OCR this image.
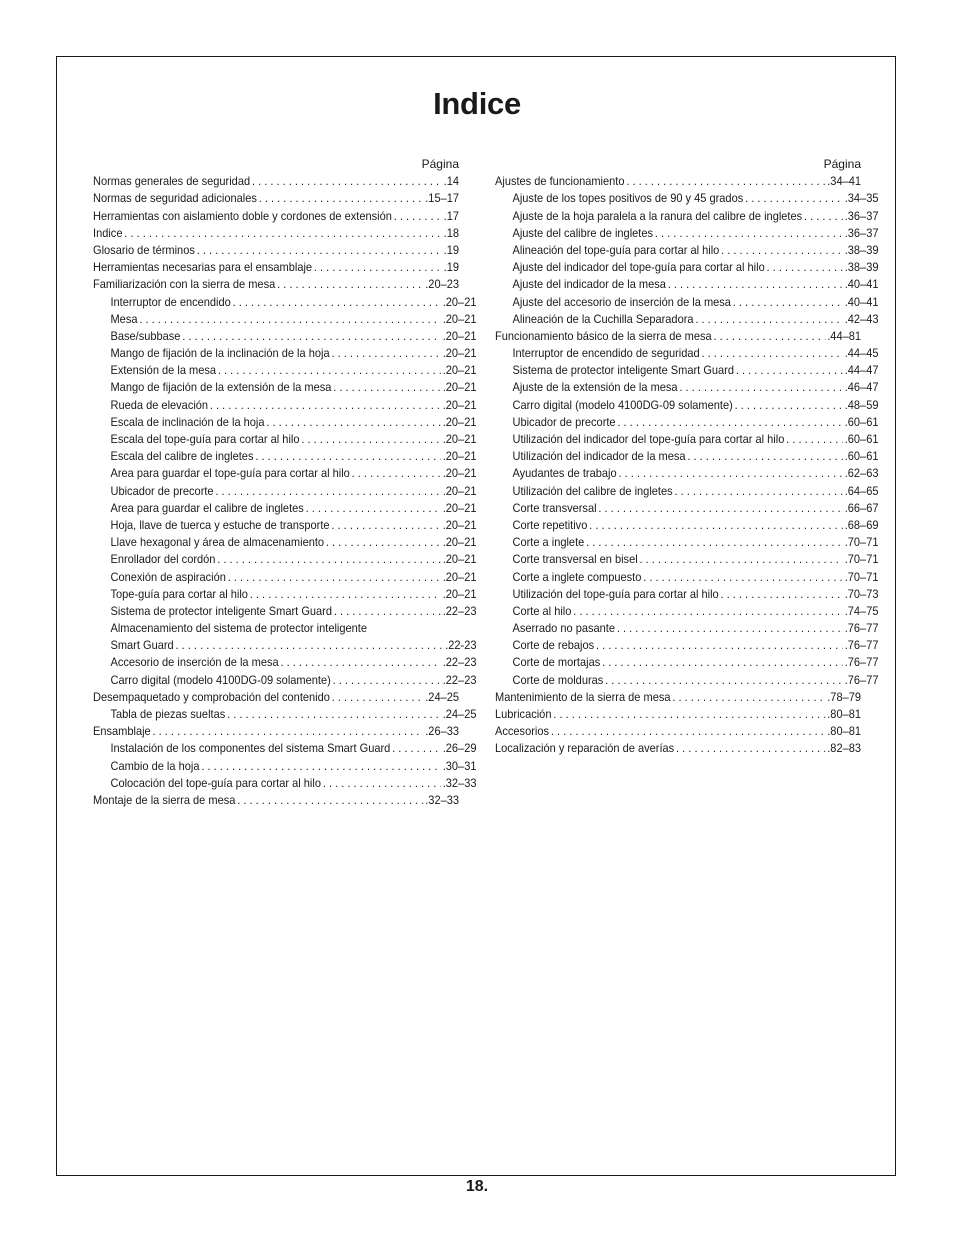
Indice
Página
Normas generales de seguridad . . .	.14
Normas de seguridad adicionales . . .	.15–17
Herramientas con aislamiento doble y cordones de extensión . . .	.17
Indice . . .	.18
Glosario de términos . . .	.19
Herramientas necesarias para el ensamblaje . . .	.19
Familiarización con la sierra de mesa . . .	.20–23
Interruptor de encendido . . .	.20–21
Mesa . . .	.20–21
Base/subbase . . .	.20–21
Mango de fijación de la inclinación de la hoja . . .	.20–21
Extensión de la mesa . . .	.20–21
Mango de fijación de la extensión de la mesa . . .	.20–21
Rueda de elevación . . .	.20–21
Escala de inclinación de la hoja . . .	.20–21
Escala del tope-guía para cortar al hilo . . .	.20–21
Escala del calibre de ingletes . . .	.20–21
Area para guardar el tope-guía para cortar al hilo . . .	.20–21
Ubicador de precorte . . .	.20–21
Area para guardar el calibre de ingletes . . .	.20–21
Hoja, llave de tuerca y estuche de transporte . . .	.20–21
Llave hexagonal y área de almacenamiento . . .	.20–21
Enrollador del cordón . . .	.20–21
Conexión de aspiración . . .	.20–21
Tope-guía para cortar al hilo . . .	.20–21
Sistema de protector inteligente Smart Guard . . .	.22–23
Almacenamiento del sistema de protector inteligente
Smart Guard . . .	.22-23
Accesorio de inserción de la mesa . . .	.22–23
Carro digital (modelo 4100DG-09 solamente) . . .	.22–23
Desempaquetado y comprobación del contenido . . .	.24–25
Tabla de piezas sueltas . . .	.24–25
Ensamblaje . . .	.26–33
Instalación de los componentes del sistema Smart Guard . . .	.26–29
Cambio de la hoja . . .	.30–31
Colocación del tope-guía para cortar al hilo . . .	.32–33
Montaje de la sierra de mesa . . .	.32–33
Página
Ajustes de funcionamiento . . .	.34–41
Ajuste de los topes positivos de 90 y 45 grados . . .	.34–35
Ajuste de la hoja paralela a la ranura del calibre de ingletes . . .	.36–37
Ajuste del calibre de ingletes . . .	.36–37
Alineación del tope-guía para cortar al hilo . . .	.38–39
Ajuste del indicador del tope-guía para cortar al hilo . . .	.38–39
Ajuste del indicador de la mesa . . .	.40–41
Ajuste del accesorio de inserción de la mesa . . .	.40–41
Alineación de la Cuchilla Separadora . . .	.42–43
Funcionamiento básico de la sierra de mesa . . .	.44–81
Interruptor de encendido de seguridad . . .	.44–45
Sistema de protector inteligente Smart Guard . . .	.44–47
Ajuste de la extensión de la mesa . . .	.46–47
Carro digital (modelo 4100DG-09 solamente) . . .	.48–59
Ubicador de precorte . . .	.60–61
Utilización del indicador del tope-guía para cortar al hilo . . .	.60–61
Utilización del indicador de la mesa . . .	.60–61
Ayudantes de trabajo . . .	.62–63
Utilización del calibre de ingletes . . .	.64–65
Corte transversal . . .	.66–67
Corte repetitivo . . .	.68–69
Corte a inglete . . .	.70–71
Corte transversal en bisel . . .	.70–71
Corte a inglete compuesto . . .	.70–71
Utilización del tope-guía para cortar al hilo . . .	.70–73
Corte al hilo . . .	.74–75
Aserrado no pasante . . .	.76–77
Corte de rebajos . . .	.76–77
Corte de mortajas . . .	.76–77
Corte de molduras . . .	.76–77
Mantenimiento de la sierra de mesa . . .	.78–79
Lubricación . . .	.80–81
Accesorios . . .	.80–81
Localización y reparación de averías . . .	.82–83
18.
